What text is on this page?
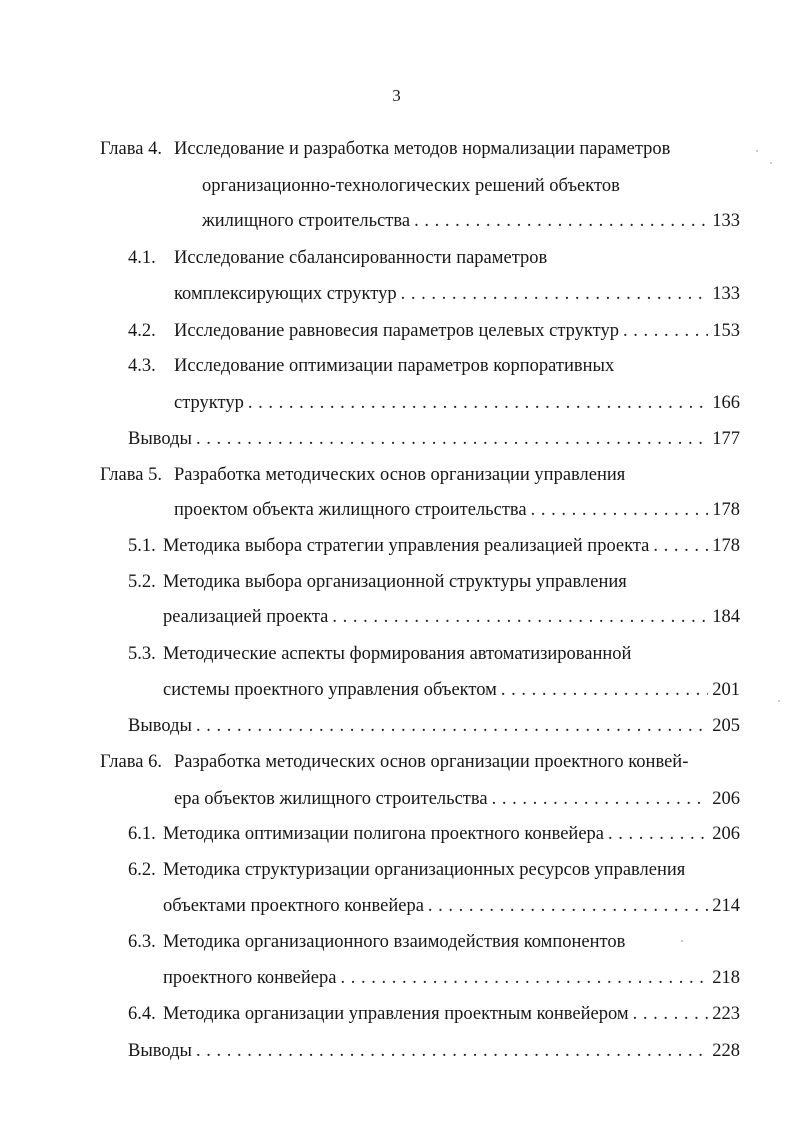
3
Глава 4. Исследование и разработка методов нормализации параметров
организационно-технологических решений объектов
жилищного строительства . . .	133
4.1. Исследование сбалансированности параметров
комплексирующих структур . . .	133
4.2. Исследование равновесия параметров целевых структур . . .	153
4.3. Исследование оптимизации параметров корпоративных
структур . . .	166
Выводы . . .	177
Глава 5. Разработка методических основ организации управления
проектом объекта жилищного строительства . . .	178
5.1. Методика выбора стратегии управления реализацией проекта . . .	178
5.2. Методика выбора организационной структуры управления
реализацией проекта . . .	184
5.3. Методические аспекты формирования автоматизированной
системы проектного управления объектом . . .	201
Выводы . . .	205
Глава 6. Разработка методических основ организации проектного конвей-
ера объектов жилищного строительства . . .	206
6.1. Методика оптимизации полигона проектного конвейера . . .	206
6.2. Методика структуризации организационных ресурсов управления
объектами проектного конвейера . . .	214
6.3. Методика организационного взаимодействия компонентов
проектного конвейера . . .	218
6.4. Методика организации управления проектным конвейером . . .	223
Выводы . . .	228
